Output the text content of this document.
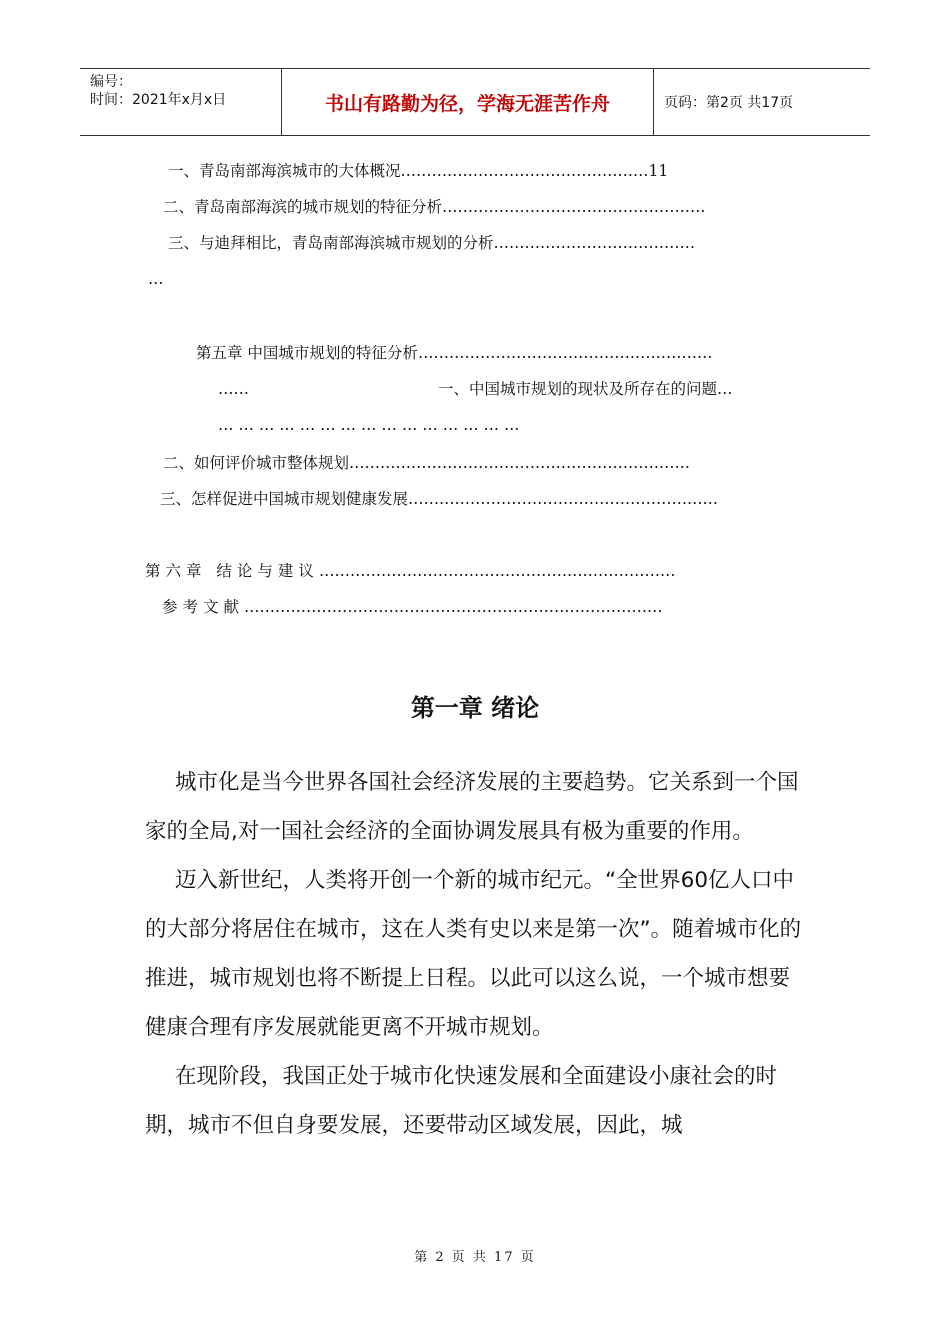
编号：
时间：2021年x月x日	书山有路勤为径，学海无涯苦作舟	页码：第2页 共17页
一、青岛南部海滨城市的大体概况…………………………………………11
二、青岛南部海滨的城市规划的特征分析……………………………………………
三、与迪拜相比，青岛南部海滨城市规划的分析…………………………………
…
第五章 中国城市规划的特征分析…………………………………………………
……	一、中国城市规划的现状及所存在的问题…
… … … … … … … … … … … … … … …
二、如何评价城市整体规划…………………………………………………………
三、怎样促进中国城市规划健康发展……………………………………………………
第六章 结论与建议……………………………………………………………
参考文献………………………………………………………………………
第一章 绪论

城市化是当今世界各国社会经济发展的主要趋势。它关系到一个国家的全局,对一国社会经济的全面协调发展具有极为重要的作用。

迈入新世纪，人类将开创一个新的城市纪元。“全世界60亿人口中的大部分将居住在城市，这在人类有史以来是第一次”。随着城市化的推进，城市规划也将不断提上日程。以此可以这么说，一个城市想要健康合理有序发展就能更离不开城市规划。

在现阶段，我国正处于城市化快速发展和全面建设小康社会的时期，城市不但自身要发展，还要带动区域发展，因此，城

第 2 页 共 17 页
